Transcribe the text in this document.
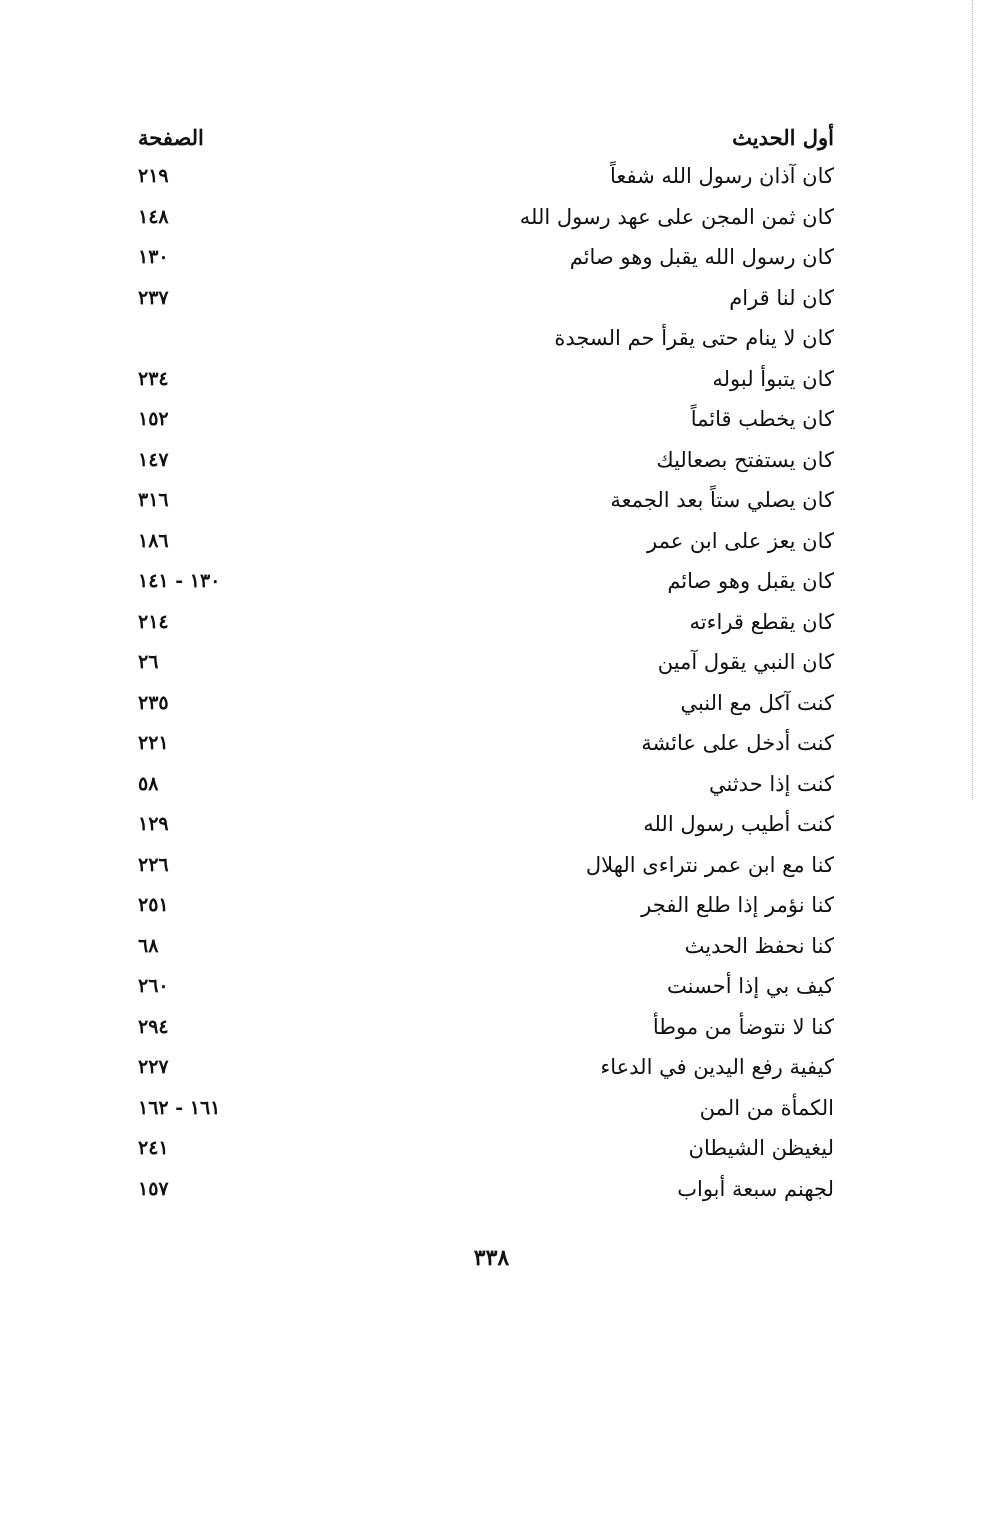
أول الحديث
الصفحة
كان آذان رسول الله شفعاً
٢١٩
كان ثمن المجن على عهد رسول الله
١٤٨
كان رسول الله يقبل وهو صائم
١٣٠
كان لنا قرام
٢٣٧
كان لا ينام حتى يقرأ حم السجدة
كان يتبوأ لبوله
٢٣٤
كان يخطب قائماً
١٥٢
كان يستفتح بصعاليك
١٤٧
كان يصلي ستاً بعد الجمعة
٣١٦
كان يعز على ابن عمر
١٨٦
كان يقبل وهو صائم
١٣٠ - ١٤١
كان يقطع قراءته
٢١٤
كان النبي يقول آمين
٢٦
كنت آكل مع النبي
٢٣٥
كنت أدخل على عائشة
٢٢١
كنت إذا حدثني
٥٨
كنت أطيب رسول الله
١٢٩
كنا مع ابن عمر نتراءى الهلال
٢٢٦
كنا نؤمر إذا طلع الفجر
٢٥١
كنا نحفظ الحديث
٦٨
كيف بي إذا أحسنت
٢٦٠
كنا لا نتوضأ من موطأ
٢٩٤
كيفية رفع اليدين في الدعاء
٢٢٧
الكمأة من المن
١٦١ - ١٦٢
ليغيظن الشيطان
٢٤١
لجهنم سبعة أبواب
١٥٧
٣٣٨
